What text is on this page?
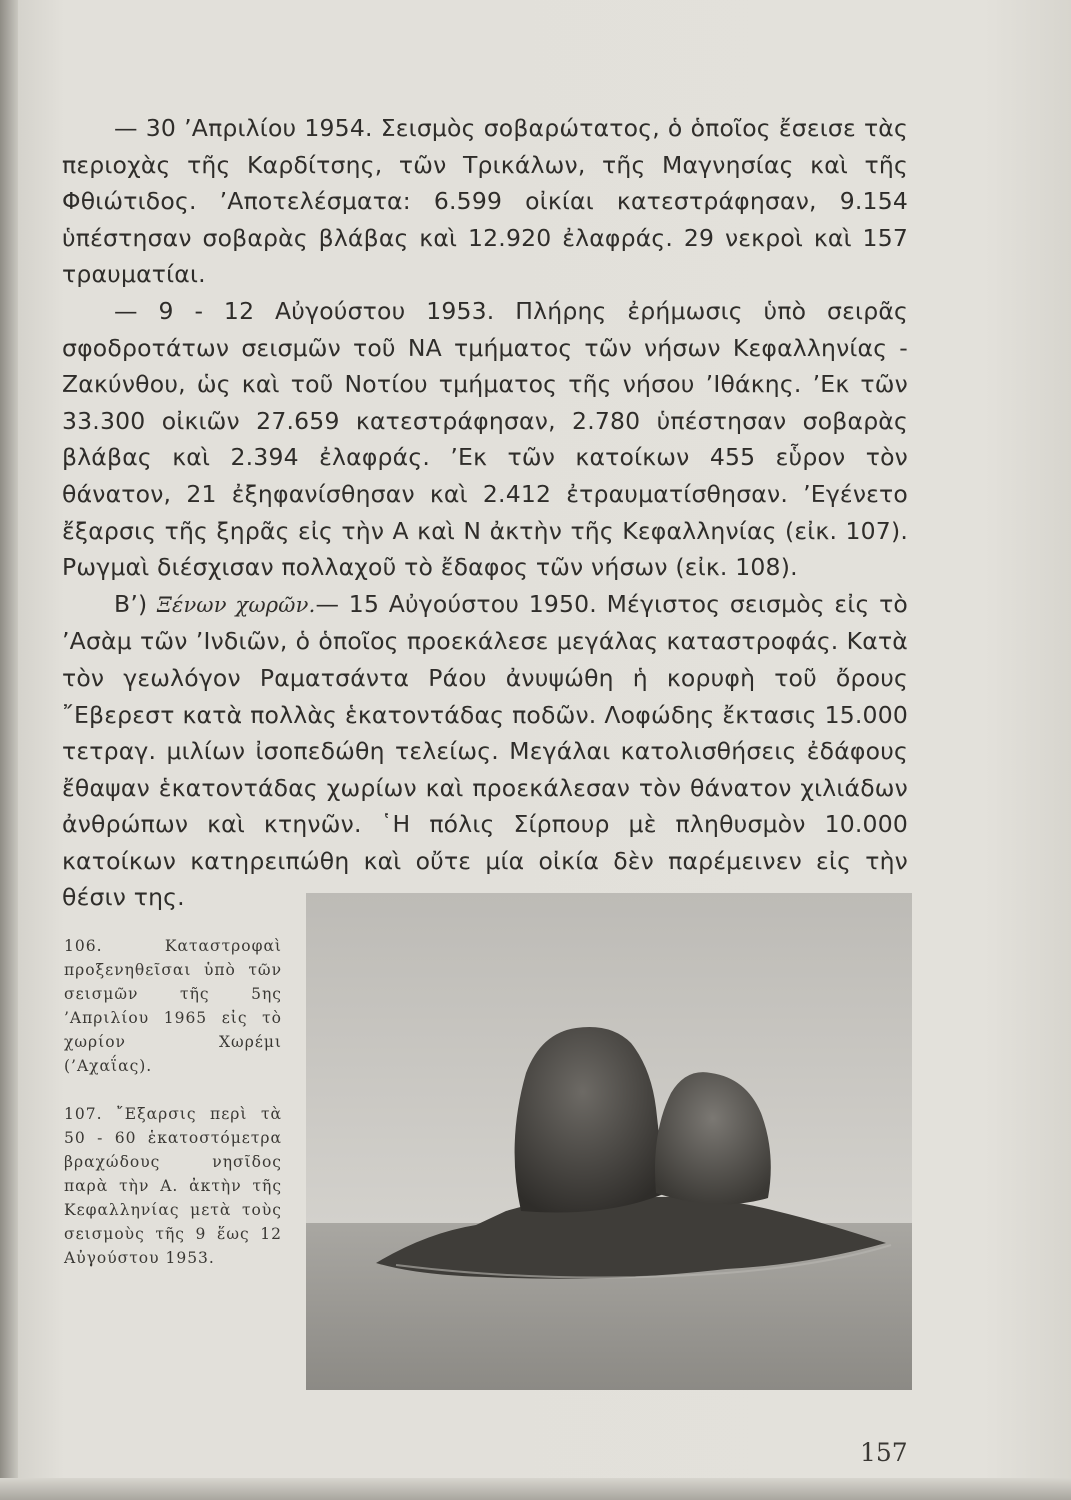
— 30 ’Απριλίου 1954. Σεισμὸς σοβαρώτατος, ὁ ὁποῖος ἔσεισε τὰς περιοχὰς τῆς Καρδίτσης, τῶν Τρικάλων, τῆς Μαγνησίας καὶ τῆς Φθιώτιδος. ’Αποτελέσματα: 6.599 οἰκίαι κατεστράφησαν, 9.154 ὑπέστησαν σοβαρὰς βλάβας καὶ 12.920 ἐλαφράς. 29 νεκροὶ καὶ 157 τραυματίαι.

— 9 - 12 Αὐγούστου 1953. Πλήρης ἐρήμωσις ὑπὸ σειρᾶς σφοδροτάτων σεισμῶν τοῦ ΝΑ τμήματος τῶν νήσων Κεφαλληνίας - Ζακύνθου, ὡς καὶ τοῦ Νοτίου τμήματος τῆς νήσου ’Ιθάκης. ’Εκ τῶν 33.300 οἰκιῶν 27.659 κατεστράφησαν, 2.780 ὑπέστησαν σοβαρὰς βλάβας καὶ 2.394 ἐλαφράς. ’Εκ τῶν κατοίκων 455 εὗρον τὸν θάνατον, 21 ἐξηφανίσθησαν καὶ 2.412 ἐτραυματίσθησαν. ’Εγένετο ἔξαρσις τῆς ξηρᾶς εἰς τὴν Α καὶ Ν ἀκτὴν τῆς Κεφαλληνίας (εἰκ. 107). Ρωγμαὶ διέσχισαν πολλαχοῦ τὸ ἔδαφος τῶν νήσων (εἰκ. 108).

Β’) Ξένων χωρῶν.— 15 Αὐγούστου 1950. Μέγιστος σεισμὸς εἰς τὸ ’Ασὰμ τῶν ’Ινδιῶν, ὁ ὁποῖος προεκάλεσε μεγάλας καταστροφάς. Κατὰ τὸν γεωλόγον Ραματσάντα Ράου ἀνυψώθη ἡ κορυφὴ τοῦ ὄρους ῎Εβερεστ κατὰ πολλὰς ἑκατοντάδας ποδῶν. Λοφώδης ἔκτασις 15.000 τετραγ. μιλίων ἰσοπεδώθη τελείως. Μεγάλαι κατολισθήσεις ἐδάφους ἔθαψαν ἑκατοντάδας χωρίων καὶ προεκάλεσαν τὸν θάνατον χιλιάδων ἀνθρώπων καὶ κτηνῶν. ῾Η πόλις Σίρπουρ μὲ πληθυσμὸν 10.000 κατοίκων κατηρειπώθη καὶ οὔτε μία οἰκία δὲν παρέμεινεν εἰς τὴν θέσιν της.

106. Καταστροφαὶ προξενηθεῖσαι ὑπὸ τῶν σεισμῶν τῆς 5ης ’Απριλίου 1965 εἰς τὸ χωρίον Χωρέμι (’Αχαΐας).

107. ῎Εξαρσις περὶ τὰ 50 - 60 ἑκατοστόμετρα βραχώδους νησῖδος παρὰ τὴν Α. ἀκτὴν τῆς Κεφαλληνίας μετὰ τοὺς σεισμοὺς τῆς 9 ἕως 12 Αὐγούστου 1953.

157
